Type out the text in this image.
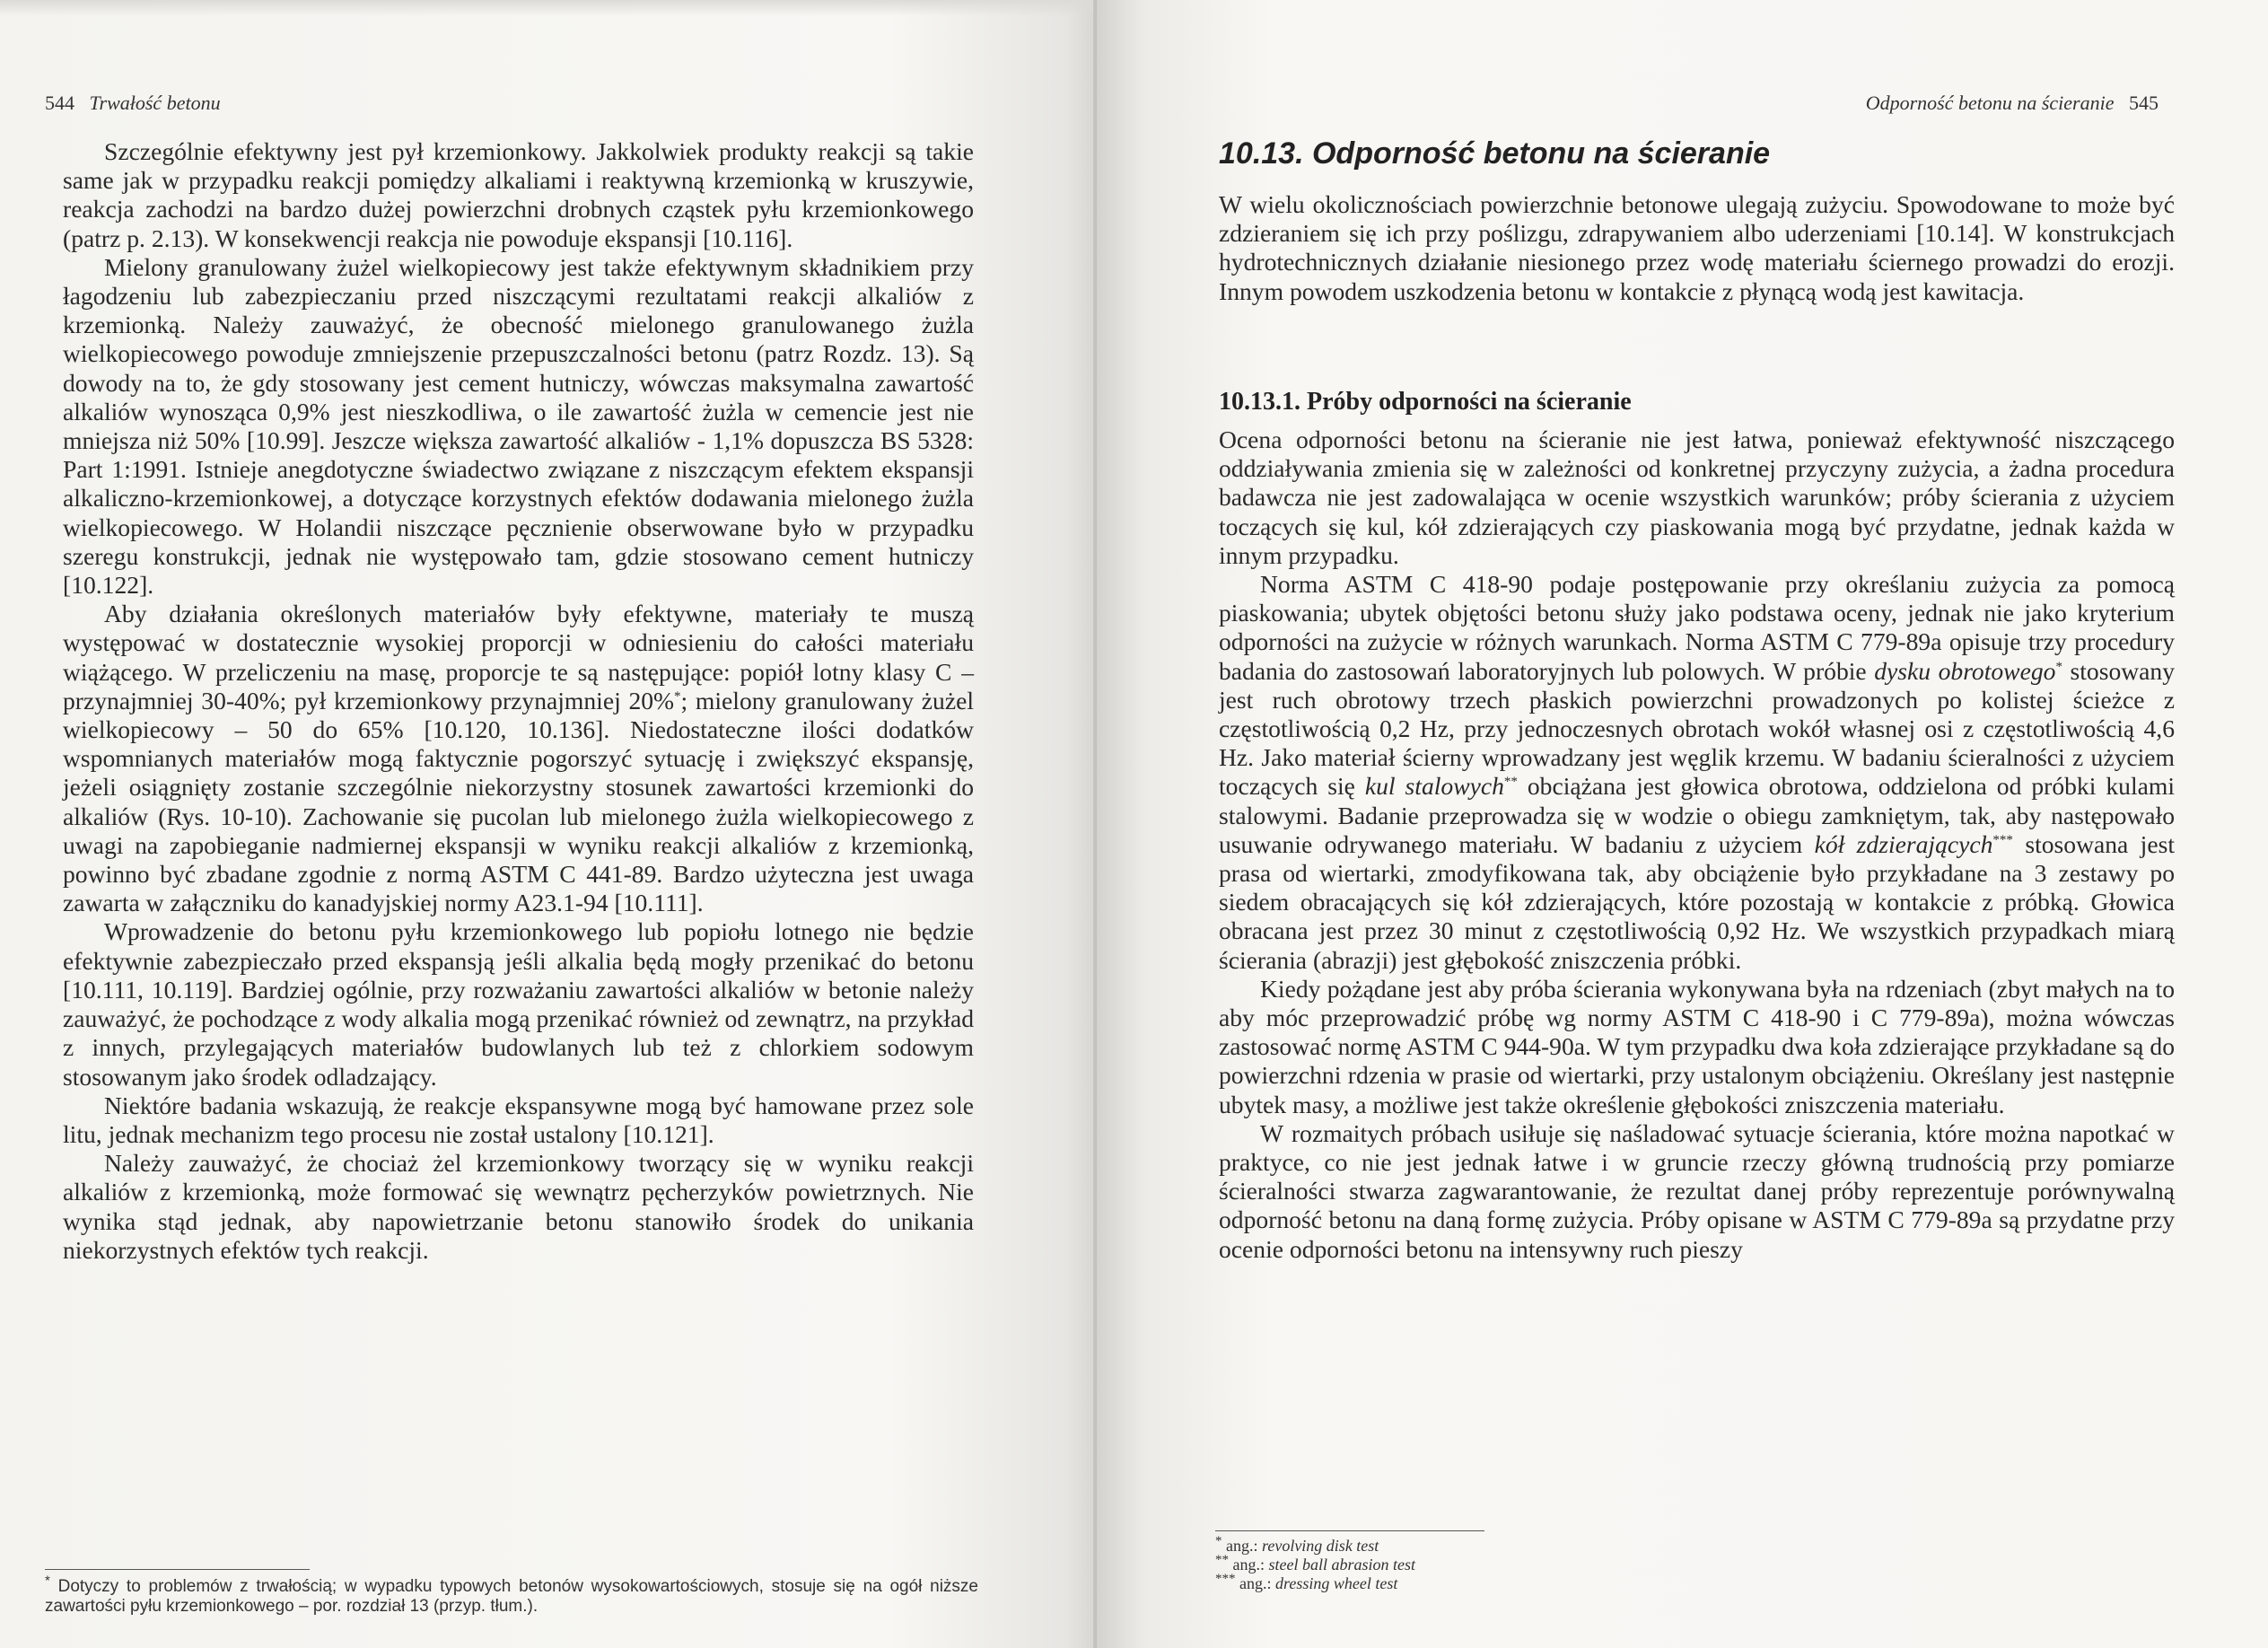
544 Trwałość betonu

Szczególnie efektywny jest pył krzemionkowy. Jakkolwiek produkty reakcji są takie same jak w przypadku reakcji pomiędzy alkaliami i reaktywną krzemionką w kruszywie, reakcja zachodzi na bardzo dużej powierzchni drobnych cząstek pyłu krzemionkowego (patrz p. 2.13). W konsekwencji reakcja nie powoduje ekspansji [10.116].

Mielony granulowany żużel wielkopiecowy jest także efektywnym składnikiem przy łagodzeniu lub zabezpieczaniu przed niszczącymi rezultatami reakcji alkaliów z krzemionką. Należy zauważyć, że obecność mielonego granulowanego żużla wielkopiecowego powoduje zmniejszenie przepuszczalności betonu (patrz Rozdz. 13). Są dowody na to, że gdy stosowany jest cement hutniczy, wówczas maksymalna zawartość alkaliów wynosząca 0,9% jest nieszkodliwa, o ile zawartość żużla w cemencie jest nie mniejsza niż 50% [10.99]. Jeszcze większa zawartość alkaliów - 1,1% dopuszcza BS 5328: Part 1:1991. Istnieje anegdotyczne świadectwo związane z niszczącym efektem ekspansji alkaliczno-krzemionkowej, a dotyczące korzystnych efektów dodawania mielonego żużla wielkopiecowego. W Holandii niszczące pęcznienie obserwowane było w przypadku szeregu konstrukcji, jednak nie występowało tam, gdzie stosowano cement hutniczy [10.122].

Aby działania określonych materiałów były efektywne, materiały te muszą występować w dostatecznie wysokiej proporcji w odniesieniu do całości materiału wiążącego. W przeliczeniu na masę, proporcje te są następujące: popiół lotny klasy C – przynajmniej 30-40%; pył krzemionkowy przynajmniej 20%*; mielony granulowany żużel wielkopiecowy – 50 do 65% [10.120, 10.136]. Niedostateczne ilości dodatków wspomnianych materiałów mogą faktycznie pogorszyć sytuację i zwiększyć ekspansję, jeżeli osiągnięty zostanie szczególnie niekorzystny stosunek zawartości krzemionki do alkaliów (Rys. 10-10). Zachowanie się pucolan lub mielonego żużla wielkopiecowego z uwagi na zapobieganie nadmiernej ekspansji w wyniku reakcji alkaliów z krzemionką, powinno być zbadane zgodnie z normą ASTM C 441-89. Bardzo użyteczna jest uwaga zawarta w załączniku do kanadyjskiej normy A23.1-94 [10.111].

Wprowadzenie do betonu pyłu krzemionkowego lub popiołu lotnego nie będzie efektywnie zabezpieczało przed ekspansją jeśli alkalia będą mogły przenikać do betonu [10.111, 10.119]. Bardziej ogólnie, przy rozważaniu zawartości alkaliów w betonie należy zauważyć, że pochodzące z wody alkalia mogą przenikać również od zewnątrz, na przykład z innych, przylegających materiałów budowlanych lub też z chlorkiem sodowym stosowanym jako środek odladzający.

Niektóre badania wskazują, że reakcje ekspansywne mogą być hamowane przez sole litu, jednak mechanizm tego procesu nie został ustalony [10.121].

Należy zauważyć, że chociaż żel krzemionkowy tworzący się w wyniku reakcji alkaliów z krzemionką, może formować się wewnątrz pęcherzyków powietrznych. Nie wynika stąd jednak, aby napowietrzanie betonu stanowiło środek do unikania niekorzystnych efektów tych reakcji.

* Dotyczy to problemów z trwałością; w wypadku typowych betonów wysokowartościowych, stosuje się na ogół niższe zawartości pyłu krzemionkowego – por. rozdział 13 (przyp. tłum.).
Odporność betonu na ścieranie 545
10.13. Odporność betonu na ścieranie

W wielu okolicznościach powierzchnie betonowe ulegają zużyciu. Spowodowane to może być zdzieraniem się ich przy poślizgu, zdrapywaniem albo uderzeniami [10.14]. W konstrukcjach hydrotechnicznych działanie niesionego przez wodę materiału ściernego prowadzi do erozji. Innym powodem uszkodzenia betonu w kontakcie z płynącą wodą jest kawitacja.

10.13.1. Próby odporności na ścieranie

Ocena odporności betonu na ścieranie nie jest łatwa, ponieważ efektywność niszczącego oddziaływania zmienia się w zależności od konkretnej przyczyny zużycia, a żadna procedura badawcza nie jest zadowalająca w ocenie wszystkich warunków; próby ścierania z użyciem toczących się kul, kół zdzierających czy piaskowania mogą być przydatne, jednak każda w innym przypadku.

Norma ASTM C 418-90 podaje postępowanie przy określaniu zużycia za pomocą piaskowania; ubytek objętości betonu służy jako podstawa oceny, jednak nie jako kryterium odporności na zużycie w różnych warunkach. Norma ASTM C 779-89a opisuje trzy procedury badania do zastosowań laboratoryjnych lub polowych. W próbie dysku obrotowego* stosowany jest ruch obrotowy trzech płaskich powierzchni prowadzonych po kolistej ścieżce z częstotliwością 0,2 Hz, przy jednoczesnych obrotach wokół własnej osi z częstotliwością 4,6 Hz. Jako materiał ścierny wprowadzany jest węglik krzemu. W badaniu ścieralności z użyciem toczących się kul stalowych** obciążana jest głowica obrotowa, oddzielona od próbki kulami stalowymi. Badanie przeprowadza się w wodzie o obiegu zamkniętym, tak, aby następowało usuwanie odrywanego materiału. W badaniu z użyciem kół zdzierających*** stosowana jest prasa od wiertarki, zmodyfikowana tak, aby obciążenie było przykładane na 3 zestawy po siedem obracających się kół zdzierających, które pozostają w kontakcie z próbką. Głowica obracana jest przez 30 minut z częstotliwością 0,92 Hz. We wszystkich przypadkach miarą ścierania (abrazji) jest głębokość zniszczenia próbki.

Kiedy pożądane jest aby próba ścierania wykonywana była na rdzeniach (zbyt małych na to aby móc przeprowadzić próbę wg normy ASTM C 418-90 i C 779-89a), można wówczas zastosować normę ASTM C 944-90a. W tym przypadku dwa koła zdzierające przykładane są do powierzchni rdzenia w prasie od wiertarki, przy ustalonym obciążeniu. Określany jest następnie ubytek masy, a możliwe jest także określenie głębokości zniszczenia materiału.

W rozmaitych próbach usiłuje się naśladować sytuacje ścierania, które można napotkać w praktyce, co nie jest jednak łatwe i w gruncie rzeczy główną trudnością przy pomiarze ścieralności stwarza zagwarantowanie, że rezultat danej próby reprezentuje porównywalną odporność betonu na daną formę zużycia. Próby opisane w ASTM C 779-89a są przydatne przy ocenie odporności betonu na intensywny ruch pieszy

* ang.: revolving disk test
** ang.: steel ball abrasion test
*** ang.: dressing wheel test
